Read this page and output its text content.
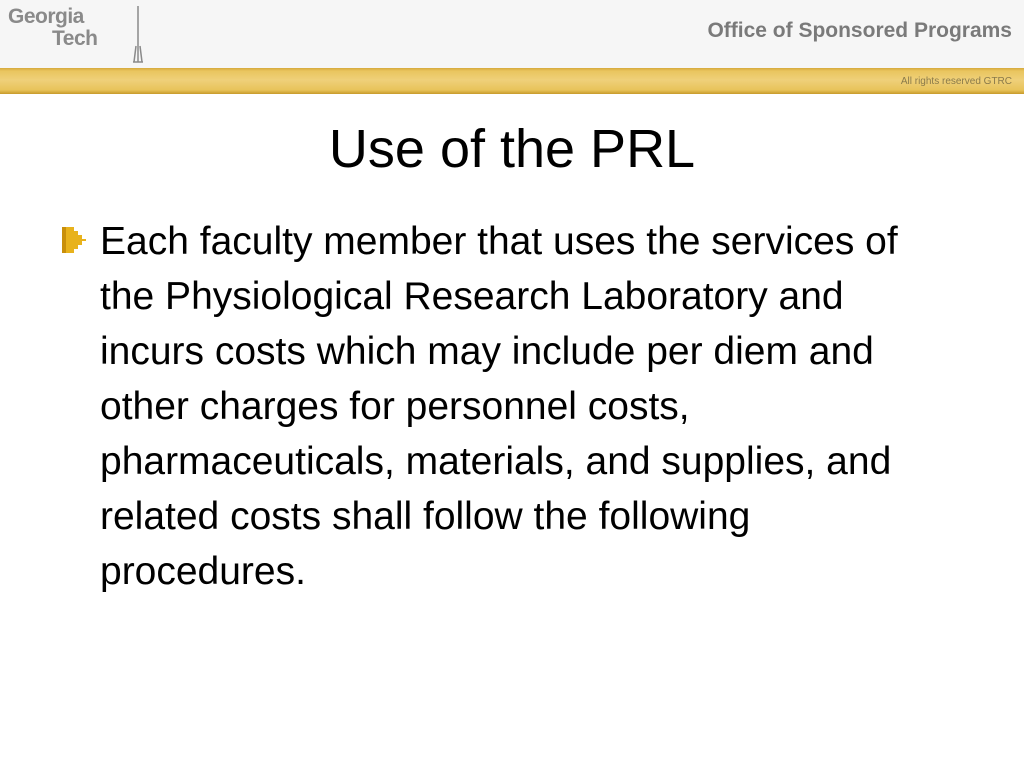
Georgia
Tech	Office of Sponsored Programs
All rights reserved GTRC
Use of the PRL
Each faculty member that uses the services of the Physiological Research Laboratory and incurs costs which may include per diem and other charges for personnel costs, pharmaceuticals, materials, and supplies, and related costs shall follow the following procedures.
